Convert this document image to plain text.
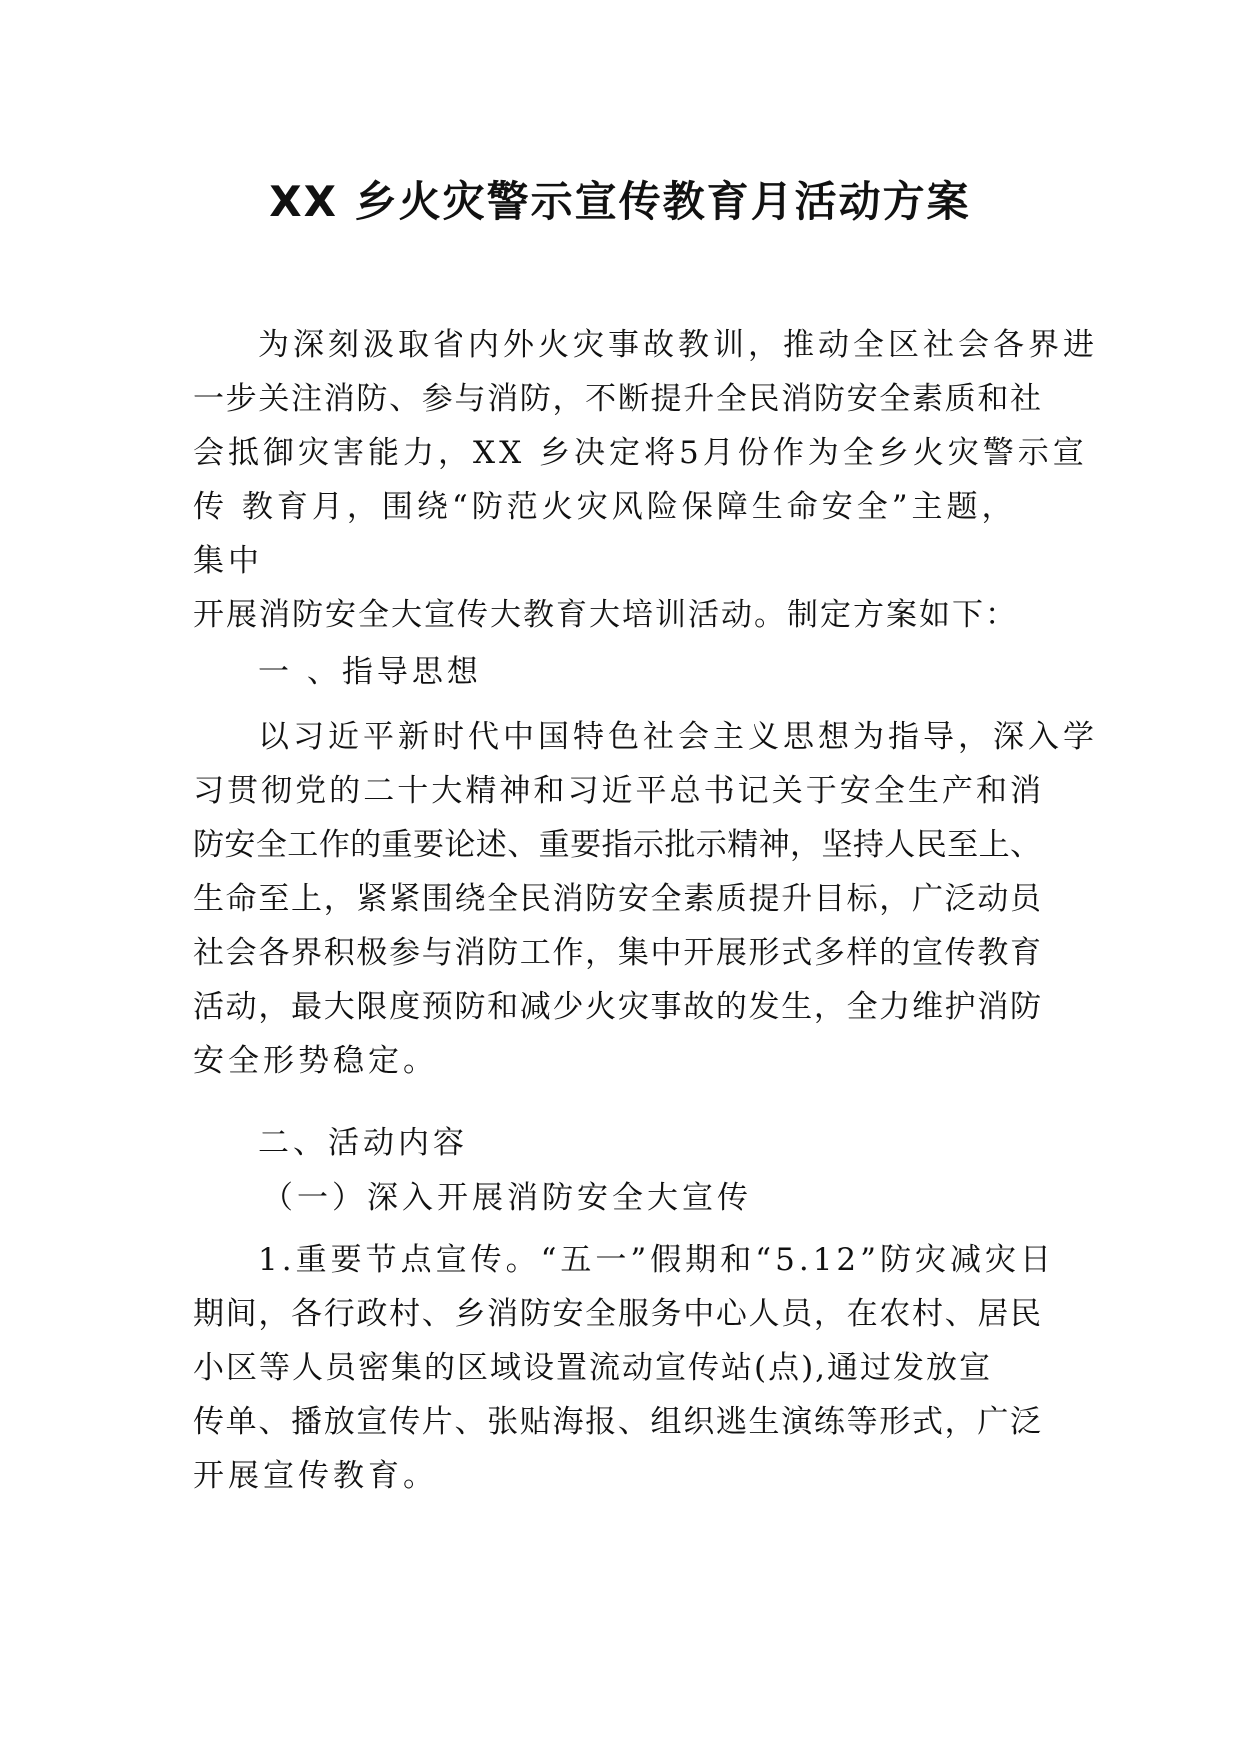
XX 乡火灾警示宣传教育月活动方案
为深刻汲取省内外火灾事故教训，推动全区社会各界进
一步关注消防、参与消防，不断提升全民消防安全素质和社
会抵御灾害能力，XX 乡决定将5月份作为全乡火灾警示宣
传 教育月，围绕“防范火灾风险保障生命安全”主题，
集中
开展消防安全大宣传大教育大培训活动。制定方案如下：
一 、指导思想
以习近平新时代中国特色社会主义思想为指导，深入学
习贯彻党的二十大精神和习近平总书记关于安全生产和消
防安全工作的重要论述、重要指示批示精神，坚持人民至上、
生命至上，紧紧围绕全民消防安全素质提升目标，广泛动员
社会各界积极参与消防工作，集中开展形式多样的宣传教育
活动，最大限度预防和减少火灾事故的发生，全力维护消防
安全形势稳定。
二、活动内容
（一）深入开展消防安全大宣传
1.重要节点宣传。“五一”假期和“5.12”防灾减灾日
期间，各行政村、乡消防安全服务中心人员，在农村、居民
小区等人员密集的区域设置流动宣传站(点),通过发放宣
传单、播放宣传片、张贴海报、组织逃生演练等形式，广泛
开展宣传教育。
